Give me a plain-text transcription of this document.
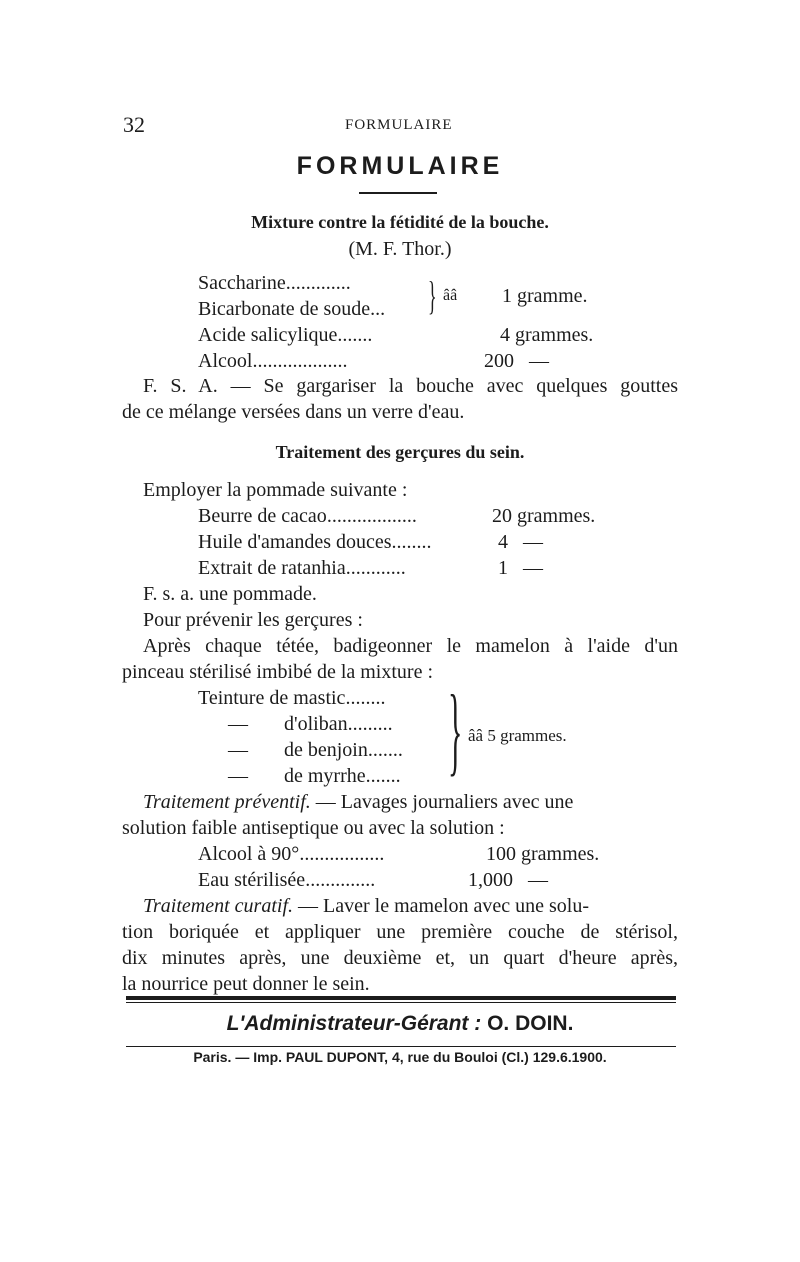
32	FORMULAIRE
FORMULAIRE
Mixture contre la fétidité de la bouche.
(M. F. Thor.)
Saccharine.............
Bicarbonate de soude... } ââ 1 gramme.
Acide salicylique.......	4 grammes.
Alcool...................	200   —
F. S. A. — Se gargariser la bouche avec quelques gouttes
de ce mélange versées dans un verre d'eau.
Traitement des gerçures du sein.
Employer la pommade suivante :
Beurre de cacao..................	20 grammes.
Huile d'amandes douces........	4   —
Extrait de ratanhia............	1   —
F. s. a. une pommade.
Pour prévenir les gerçures :
Après chaque tétée, badigeonner le mamelon à l'aide d'un
pinceau stérilisé imbibé de la mixture :
Teinture de mastic........
— d'oliban.........
— de benjoin.......
— de myrrhe....... } ââ 5 grammes.
Traitement préventif. — Lavages journaliers avec une
solution faible antiseptique ou avec la solution :
Alcool à 90°.................	100 grammes.
Eau stérilisée..............	1,000   —
Traitement curatif. — Laver le mamelon avec une solu-
tion boriquée et appliquer une première couche de stérisol,
dix minutes après, une deuxième et, un quart d'heure après,
la nourrice peut donner le sein.
L'Administrateur-Gérant : O. DOIN.
Paris. — Imp. PAUL DUPONT, 4, rue du Bouloi (Cl.) 129.6.1900.
